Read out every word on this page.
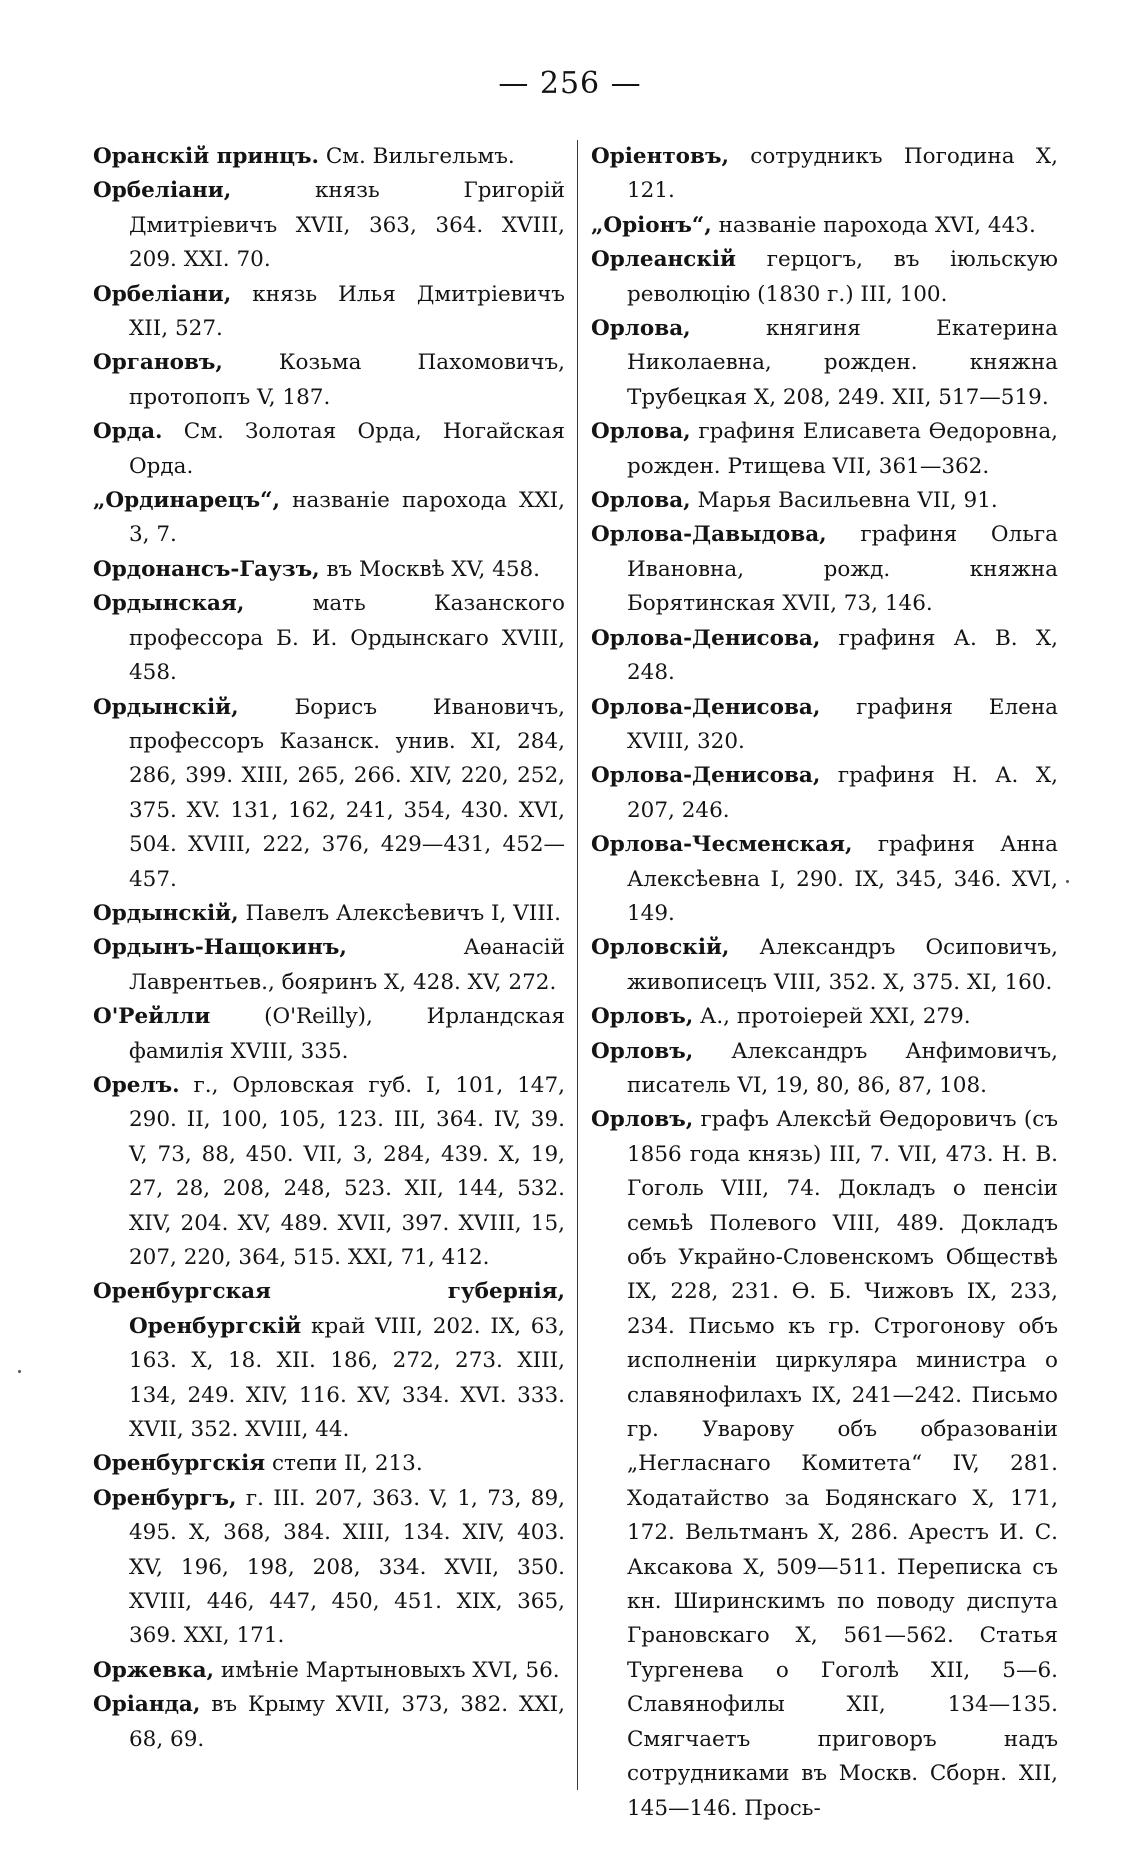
— 256 —

Оранскій принцъ. См. Вильгельмъ.

Орбеліани,	князь Григорій Дмитріевичъ XVII, 363, 364. XVIII, 209. XXI. 70.

Орбеліани, князь Илья Дмитріевичъ XII, 527.

Органовъ,	Козьма Пахомовичъ, протопопъ V, 187.

Орда. См. Золотая Орда, Ногайская Орда.

„Ординарецъ“, названіе парохода XXI, 3, 7.

Ордонансъ-Гаузъ, въ Москвѣ XV, 458.

Ордынская,	мать Казанского профессора Б. И. Ордынскаго XVIII, 458.

Ордынскій,	Борисъ Ивановичъ, профессоръ Казанск. унив. XI, 284, 286, 399. XIII, 265, 266. XIV, 220, 252, 375. XV. 131, 162, 241, 354, 430. XVI, 504. XVIII, 222, 376, 429—431, 452—457.

Ордынскій, Павелъ Алексѣевичъ I, VIII.

Ордынъ-Нащокинъ,	Аѳанасій Лаврентьев., бояринъ X, 428. XV, 272.

О'Рейлли (O'Reilly), Ирландская фамилія XVIII, 335.

Орелъ. г., Орловская губ. I, 101, 147, 290. II, 100, 105, 123. III, 364. IV, 39. V, 73, 88, 450. VII, 3, 284, 439. X, 19, 27, 28, 208, 248, 523. XII, 144, 532. XIV, 204. XV, 489. XVII, 397. XVIII, 15, 207, 220, 364, 515. XXI, 71, 412.

Оренбургская губернія, Оренбургскій край VIII, 202. IX, 63, 163. X, 18. XII. 186, 272, 273. XIII, 134, 249. XIV, 116. XV, 334. XVI. 333. XVII, 352. XVIII, 44.

Оренбургскія степи II, 213.

Оренбургъ, г. III. 207, 363. V, 1, 73, 89, 495. X, 368, 384. XIII, 134. XIV, 403. XV, 196, 198, 208, 334. XVII, 350. XVIII, 446, 447, 450, 451. XIX, 365, 369. XXI, 171.

Оржевка, имѣніе Мартыновыхъ XVI, 56.

Оріанда, въ Крыму XVII, 373, 382. XXI, 68, 69.

Оріентовъ, сотрудникъ Погодина X, 121.

„Оріонъ“, названіе парохода XVI, 443.

Орлеанскій герцогъ, въ іюльскую революцію (1830 г.) III, 100.

Орлова,	княгиня Екатерина Николаевна, рожден. княжна Трубецкая X, 208, 249. XII, 517—519.

Орлова, графиня Елисавета Ѳедоровна, рожден. Ртищева VII, 361—362.

Орлова, Марья Васильевна VII, 91.

Орлова-Давыдова, графиня Ольга Ивановна, рожд. княжна Борятинская XVII, 73, 146.

Орлова-Денисова, графиня А. В. X, 248.

Орлова-Денисова, графиня Елена XVIII, 320.

Орлова-Денисова, графиня Н. А. X, 207, 246.

Орлова-Чесменская, графиня Анна Алексѣевна I, 290. IX, 345, 346. XVI, 149.

Орловскій, Александръ Осиповичъ, живописецъ VIII, 352. X, 375. XI, 160.

Орловъ, А., протоіерей XXI, 279.

Орловъ, Александръ Анфимовичъ, писатель VI, 19, 80, 86, 87, 108.

Орловъ, графъ Алексѣй Ѳедоровичъ (съ 1856 года князь) III, 7. VII, 473. Н. В. Гоголь VIII, 74. Докладъ о пенсіи семьѣ Полевого VIII, 489. Докладъ объ Украйно-Словенскомъ Обществѣ IX, 228, 231. Ѳ. Б. Чижовъ IX, 233, 234. Письмо къ гр. Строгонову объ исполненіи циркуляра министра о славянофилахъ IX, 241—242. Письмо гр. Уварову объ образованіи „Негласнаго Комитета“ IV, 281. Ходатайство за Бодянскаго X, 171, 172. Вельтманъ X, 286. Арестъ И. С. Аксакова X, 509—511. Переписка съ кн. Ширинскимъ по поводу диспута Грановскаго X, 561—562. Статья Тургенева о Гоголѣ XII, 5—6. Славянофилы XII, 134—135. Смягчаетъ приговоръ надъ сотрудниками въ Москв. Сборн. XII, 145—146. Прось-
